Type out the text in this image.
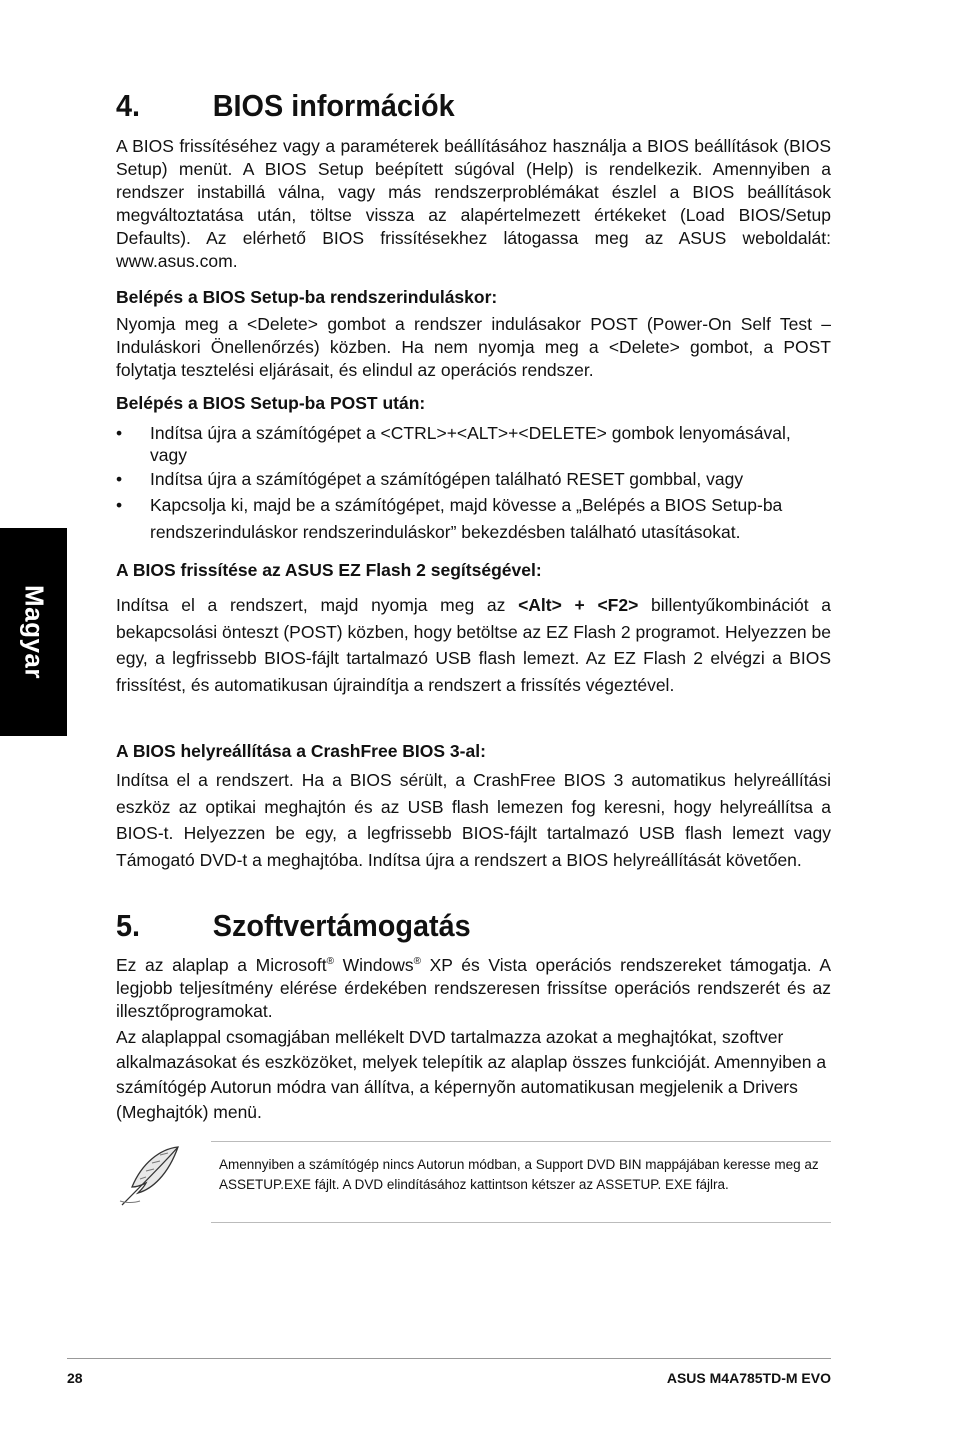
Magyar
4. BIOS információk

A BIOS frissítéséhez vagy a paraméterek beállításához használja a BIOS beállítások (BIOS Setup) menüt. A BIOS Setup beépített súgóval (Help) is rendelkezik. Amennyiben a rendszer instabillá válna, vagy más rendszerproblémákat észlel a BIOS beállítások megváltoztatása után, töltse vissza az alapértelmezett értékeket (Load BIOS/Setup Defaults). Az elérhető BIOS frissítésekhez látogassa meg az ASUS weboldalát: www.asus.com.

Belépés a BIOS Setup-ba rendszerinduláskor:

Nyomja meg a <Delete> gombot a rendszer indulásakor POST (Power-On Self Test – Induláskori Önellenőrzés) közben. Ha nem nyomja meg a <Delete> gombot, a POST folytatja tesztelési eljárásait, és elindul az operációs rendszer.

Belépés a BIOS Setup-ba POST után:
• Indítsa újra a számítógépet a <CTRL>+<ALT>+<DELETE> gombok lenyomásával, vagy
• Indítsa újra a számítógépet a számítógépen található RESET gombbal, vagy
• Kapcsolja ki, majd be a számítógépet, majd kövesse a „Belépés a BIOS Setup-ba rendszerinduláskor rendszerinduláskor” bekezdésben található utasításokat.
A BIOS frissítése az ASUS EZ Flash 2 segítségével:

Indítsa el a rendszert, majd nyomja meg az <Alt> + <F2> billentyűkombinációt a bekapcsolási önteszt (POST) közben, hogy betöltse az EZ Flash 2 programot. Helyezzen be egy, a legfrissebb BIOS-fájlt tartalmazó USB flash lemezt. Az EZ Flash 2 elvégzi a BIOS frissítést, és automatikusan újraindítja a rendszert a frissítés végeztével.

A BIOS helyreállítása a CrashFree BIOS 3-al:

Indítsa el a rendszert. Ha a BIOS sérült, a CrashFree BIOS 3 automatikus helyreállítási eszköz az optikai meghajtón és az USB flash lemezen fog keresni, hogy helyreállítsa a BIOS-t. Helyezzen be egy, a legfrissebb BIOS-fájlt tartalmazó USB flash lemezt vagy Támogató DVD-t a meghajtóba. Indítsa újra a rendszert a BIOS helyreállítását követően.

5. Szoftvertámogatás

Ez az alaplap a Microsoft® Windows® XP és Vista operációs rendszereket támogatja. A legjobb teljesítmény elérése érdekében rendszeresen frissítse operációs rendszerét és az illesztőprogramokat.

Az alaplappal csomagjában mellékelt DVD tartalmazza azokat a meghajtókat, szoftver alkalmazásokat és eszközöket, melyek telepítik az alaplap összes funkcióját. Amennyiben a számítógép Autorun módra van állítva, a képernyõn automatikusan megjelenik a Drivers (Meghajtók) menü.

Amennyiben a számítógép nincs Autorun módban, a Support DVD BIN mappájában keresse meg az ASSETUP.EXE fájlt. A DVD elindításához kattintson kétszer az ASSETUP. EXE fájlra.

28	ASUS M4A785TD-M EVO
